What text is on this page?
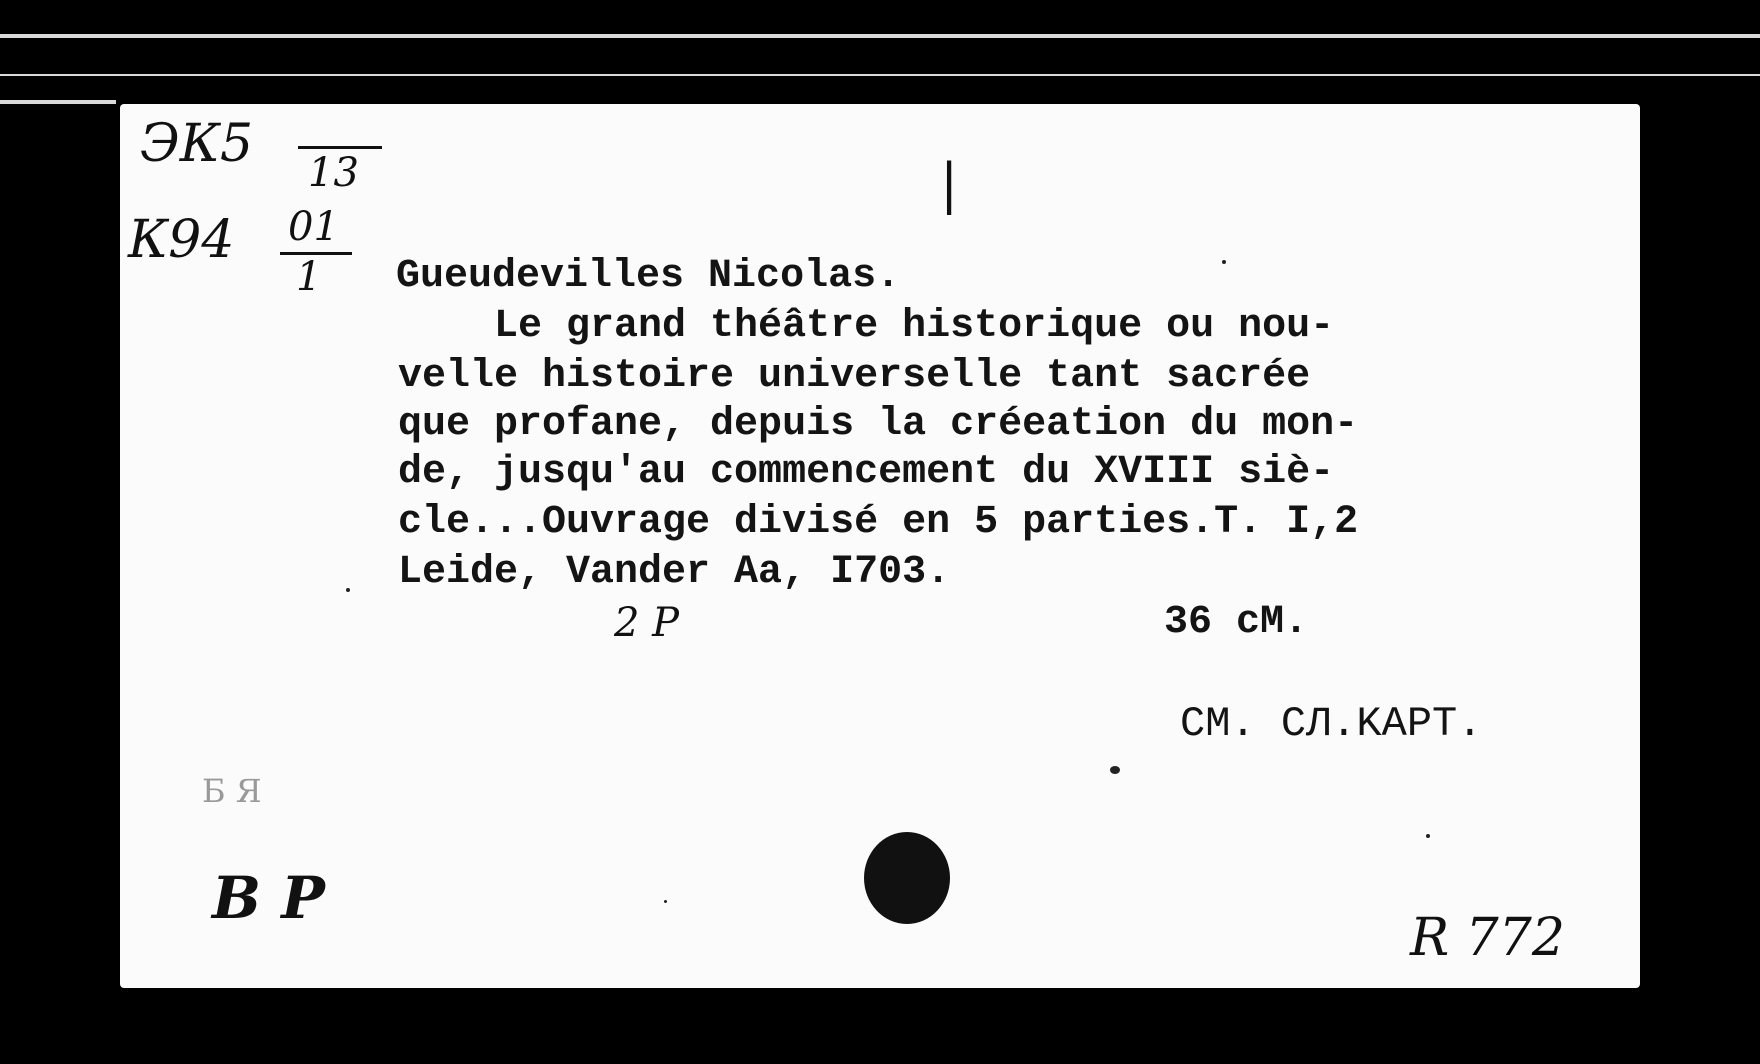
ЭК5 13
К94 01
1
|
Gueudevilles Nicolas.
Le grand théâtre historique ou nou-
velle histoire universelle tant sacrée
que profane, depuis la créeation du mon-
de, jusqu'au commencement du XVIII siè-
cle...Ouvrage divisé en 5 parties.T. I,2
Leide, Vander Aa, I703.
2 P	36 cM.
CM. CЛ.KAPT.
Б Я
В Р
R 772
